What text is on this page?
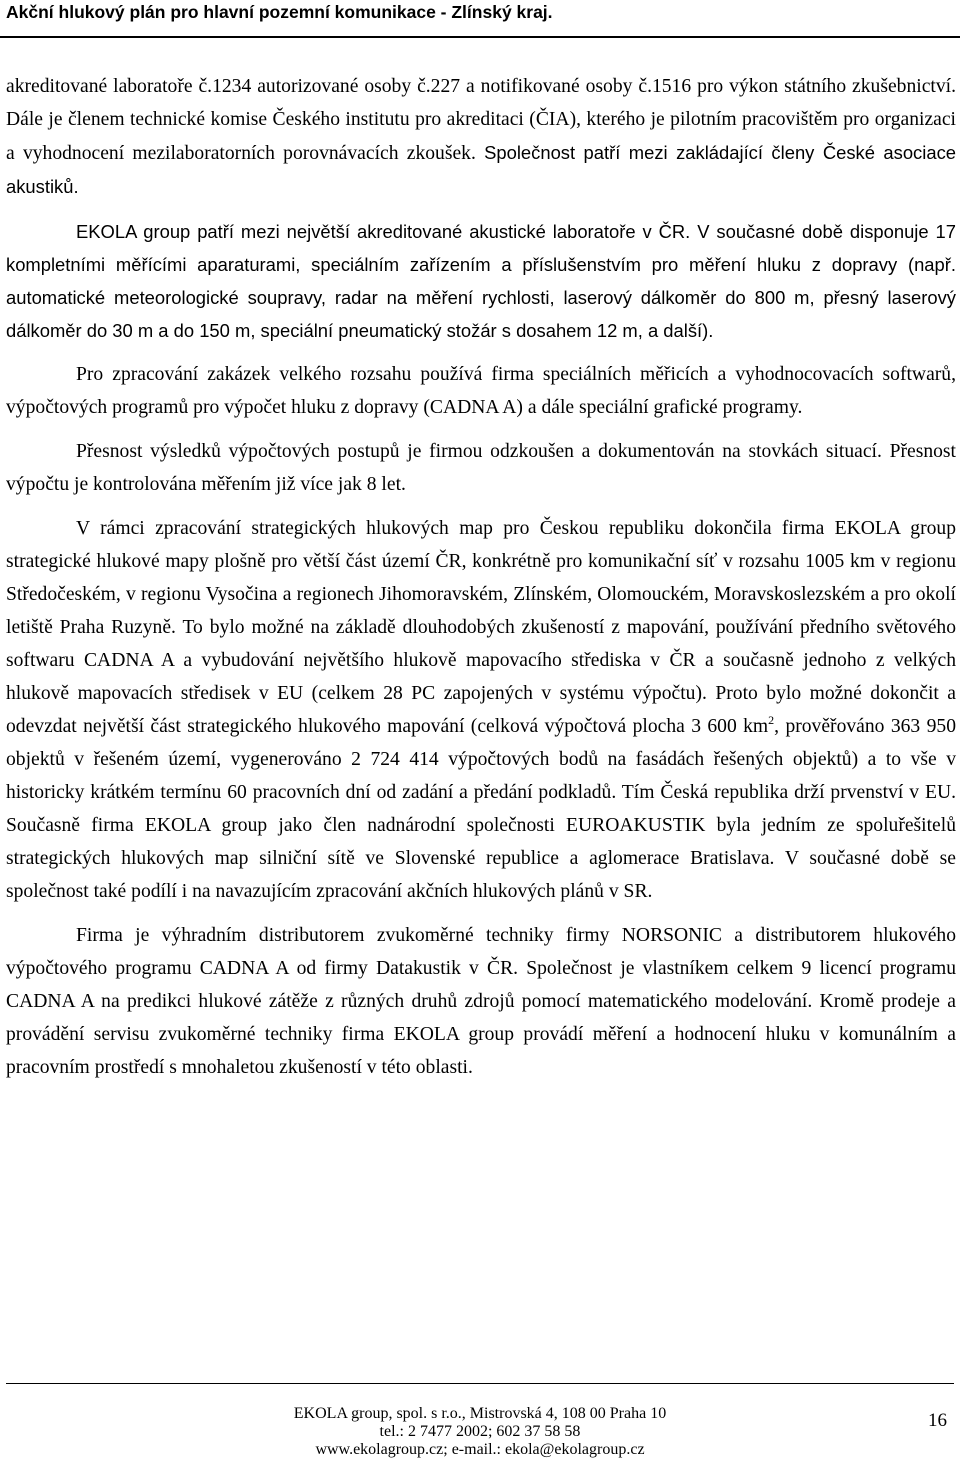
Akční hlukový plán pro hlavní pozemní komunikace - Zlínský kraj.

akreditované laboratoře č.1234 autorizované osoby č.227 a notifikované osoby č.1516 pro výkon státního zkušebnictví. Dále je členem technické komise Českého institutu pro akreditaci (ČIA), kterého je pilotním pracovištěm pro organizaci a vyhodnocení mezilaboratorních porovnávacích zkoušek. Společnost patří mezi zakládající členy České asociace akustiků.

EKOLA group patří mezi největší akreditované akustické laboratoře v ČR. V současné době disponuje 17 kompletními měřícími aparaturami, speciálním zařízením a příslušenstvím pro měření hluku z dopravy (např. automatické meteorologické soupravy, radar na měření rychlosti, laserový dálkoměr do 800 m, přesný laserový dálkoměr do 30 m a do 150 m, speciální pneumatický stožár s dosahem 12 m, a další).

Pro zpracování zakázek velkého rozsahu používá firma speciálních měřicích a vyhodnocovacích softwarů, výpočtových programů pro výpočet hluku z dopravy (CADNA A) a dále speciální grafické programy.

Přesnost výsledků výpočtových postupů je firmou odzkoušen a dokumentován na stovkách situací. Přesnost výpočtu je kontrolována měřením již více jak 8 let.

V rámci zpracování strategických hlukových map pro Českou republiku dokončila firma EKOLA group strategické hlukové mapy plošně pro větší část území ČR, konkrétně pro komunikační síť v rozsahu 1005 km v regionu Středočeském, v regionu Vysočina a regionech Jihomoravském, Zlínském, Olomouckém, Moravskoslezském a pro okolí letiště Praha Ruzyně. To bylo možné na základě dlouhodobých zkušeností z mapování, používání předního světového softwaru CADNA A a vybudování největšího hlukově mapovacího střediska v ČR a současně jednoho z velkých hlukově mapovacích středisek v EU (celkem 28 PC zapojených v systému výpočtu). Proto bylo možné dokončit a odevzdat největší část strategického hlukového mapování (celková výpočtová plocha 3 600 $km^2$, prověřováno 363 950 objektů v řešeném území, vygenerováno 2 724 414 výpočtových bodů na fasádách řešených objektů) a to vše v historicky krátkém termínu 60 pracovních dní od zadání a předání podkladů. Tím Česká republika drží prvenství v EU. Současně firma EKOLA group jako člen nadnárodní společnosti EUROAKUSTIK byla jedním ze spoluřešitelů strategických hlukových map silniční sítě ve Slovenské republice a aglomerace Bratislava. V současné době se společnost také podílí i na navazujícím zpracování akčních hlukových plánů v SR.

Firma je výhradním distributorem zvukoměrné techniky firmy NORSONIC a distributorem hlukového výpočtového programu CADNA A od firmy Datakustik v ČR. Společnost je vlastníkem celkem 9 licencí programu CADNA A na predikci hlukové zátěže z různých druhů zdrojů pomocí matematického modelování. Kromě prodeje a provádění servisu zvukoměrné techniky firma EKOLA group provádí měření a hodnocení hluku v komunálním a pracovním prostředí s mnohaletou zkušeností v této oblasti.

EKOLA group, spol. s r.o., Mistrovská 4, 108 00 Praha 10
tel.: 2 7477 2002; 602 37 58 58
www.ekolagroup.cz; e-mail.: ekola@ekolagroup.cz
16
